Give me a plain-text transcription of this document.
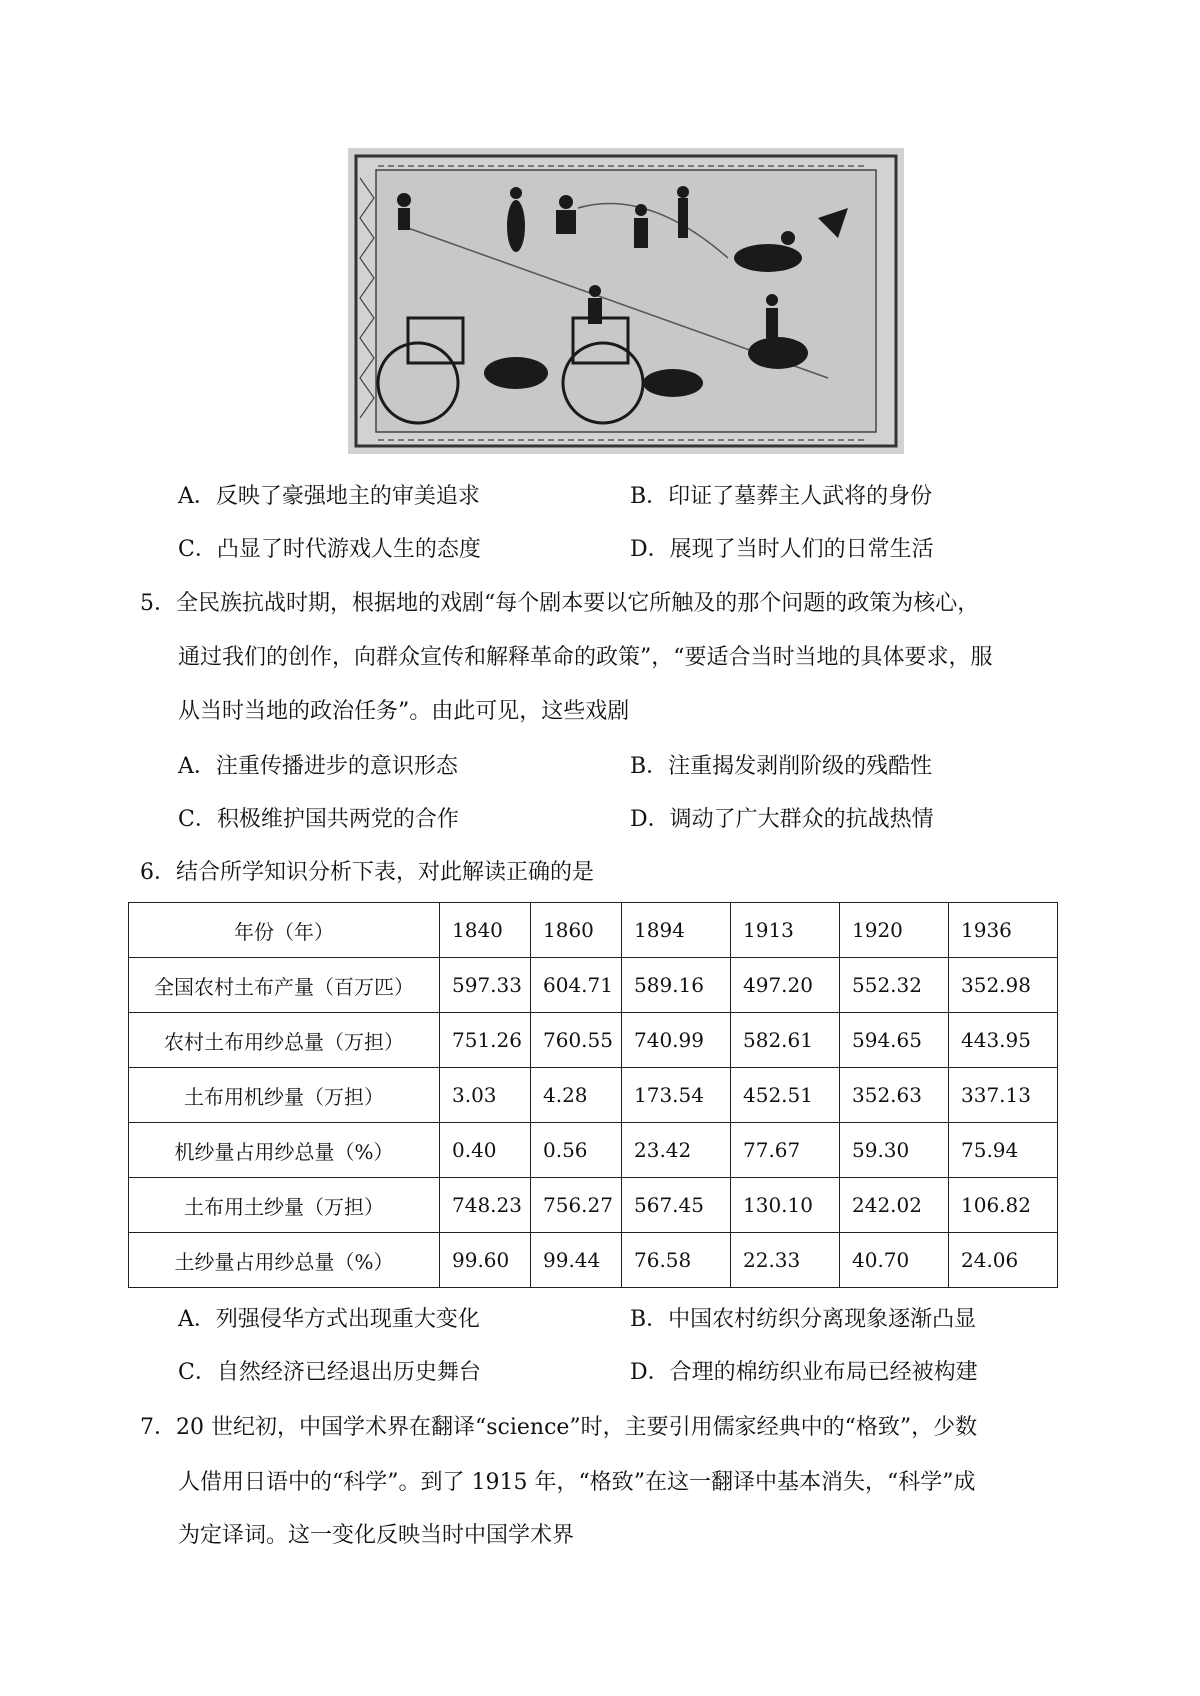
A．反映了豪强地主的审美追求	B．印证了墓葬主人武将的身份
C．凸显了时代游戏人生的态度	D．展现了当时人们的日常生活
5．全民族抗战时期，根据地的戏剧“每个剧本要以它所触及的那个问题的政策为核心，
通过我们的创作，向群众宣传和解释革命的政策”，“要适合当时当地的具体要求，服
从当时当地的政治任务”。由此可见，这些戏剧
A．注重传播进步的意识形态	B．注重揭发剥削阶级的残酷性
C．积极维护国共两党的合作	D．调动了广大群众的抗战热情
6．结合所学知识分析下表，对此解读正确的是
年份（年）	1840	1860	1894	1913	1920	1936
全国农村土布产量（百万匹）	597.33	604.71	589.16	497.20	552.32	352.98
农村土布用纱总量（万担）	751.26	760.55	740.99	582.61	594.65	443.95
土布用机纱量（万担）	3.03	4.28	173.54	452.51	352.63	337.13
机纱量占用纱总量（%）	0.40	0.56	23.42	77.67	59.30	75.94
土布用土纱量（万担）	748.23	756.27	567.45	130.10	242.02	106.82
土纱量占用纱总量（%）	99.60	99.44	76.58	22.33	40.70	24.06
A．列强侵华方式出现重大变化	B．中国农村纺织分离现象逐渐凸显
C．自然经济已经退出历史舞台	D．合理的棉纺织业布局已经被构建
7．20 世纪初，中国学术界在翻译“science”时，主要引用儒家经典中的“格致”，少数
人借用日语中的“科学”。到了 1915 年，“格致”在这一翻译中基本消失，“科学”成
为定译词。这一变化反映当时中国学术界
